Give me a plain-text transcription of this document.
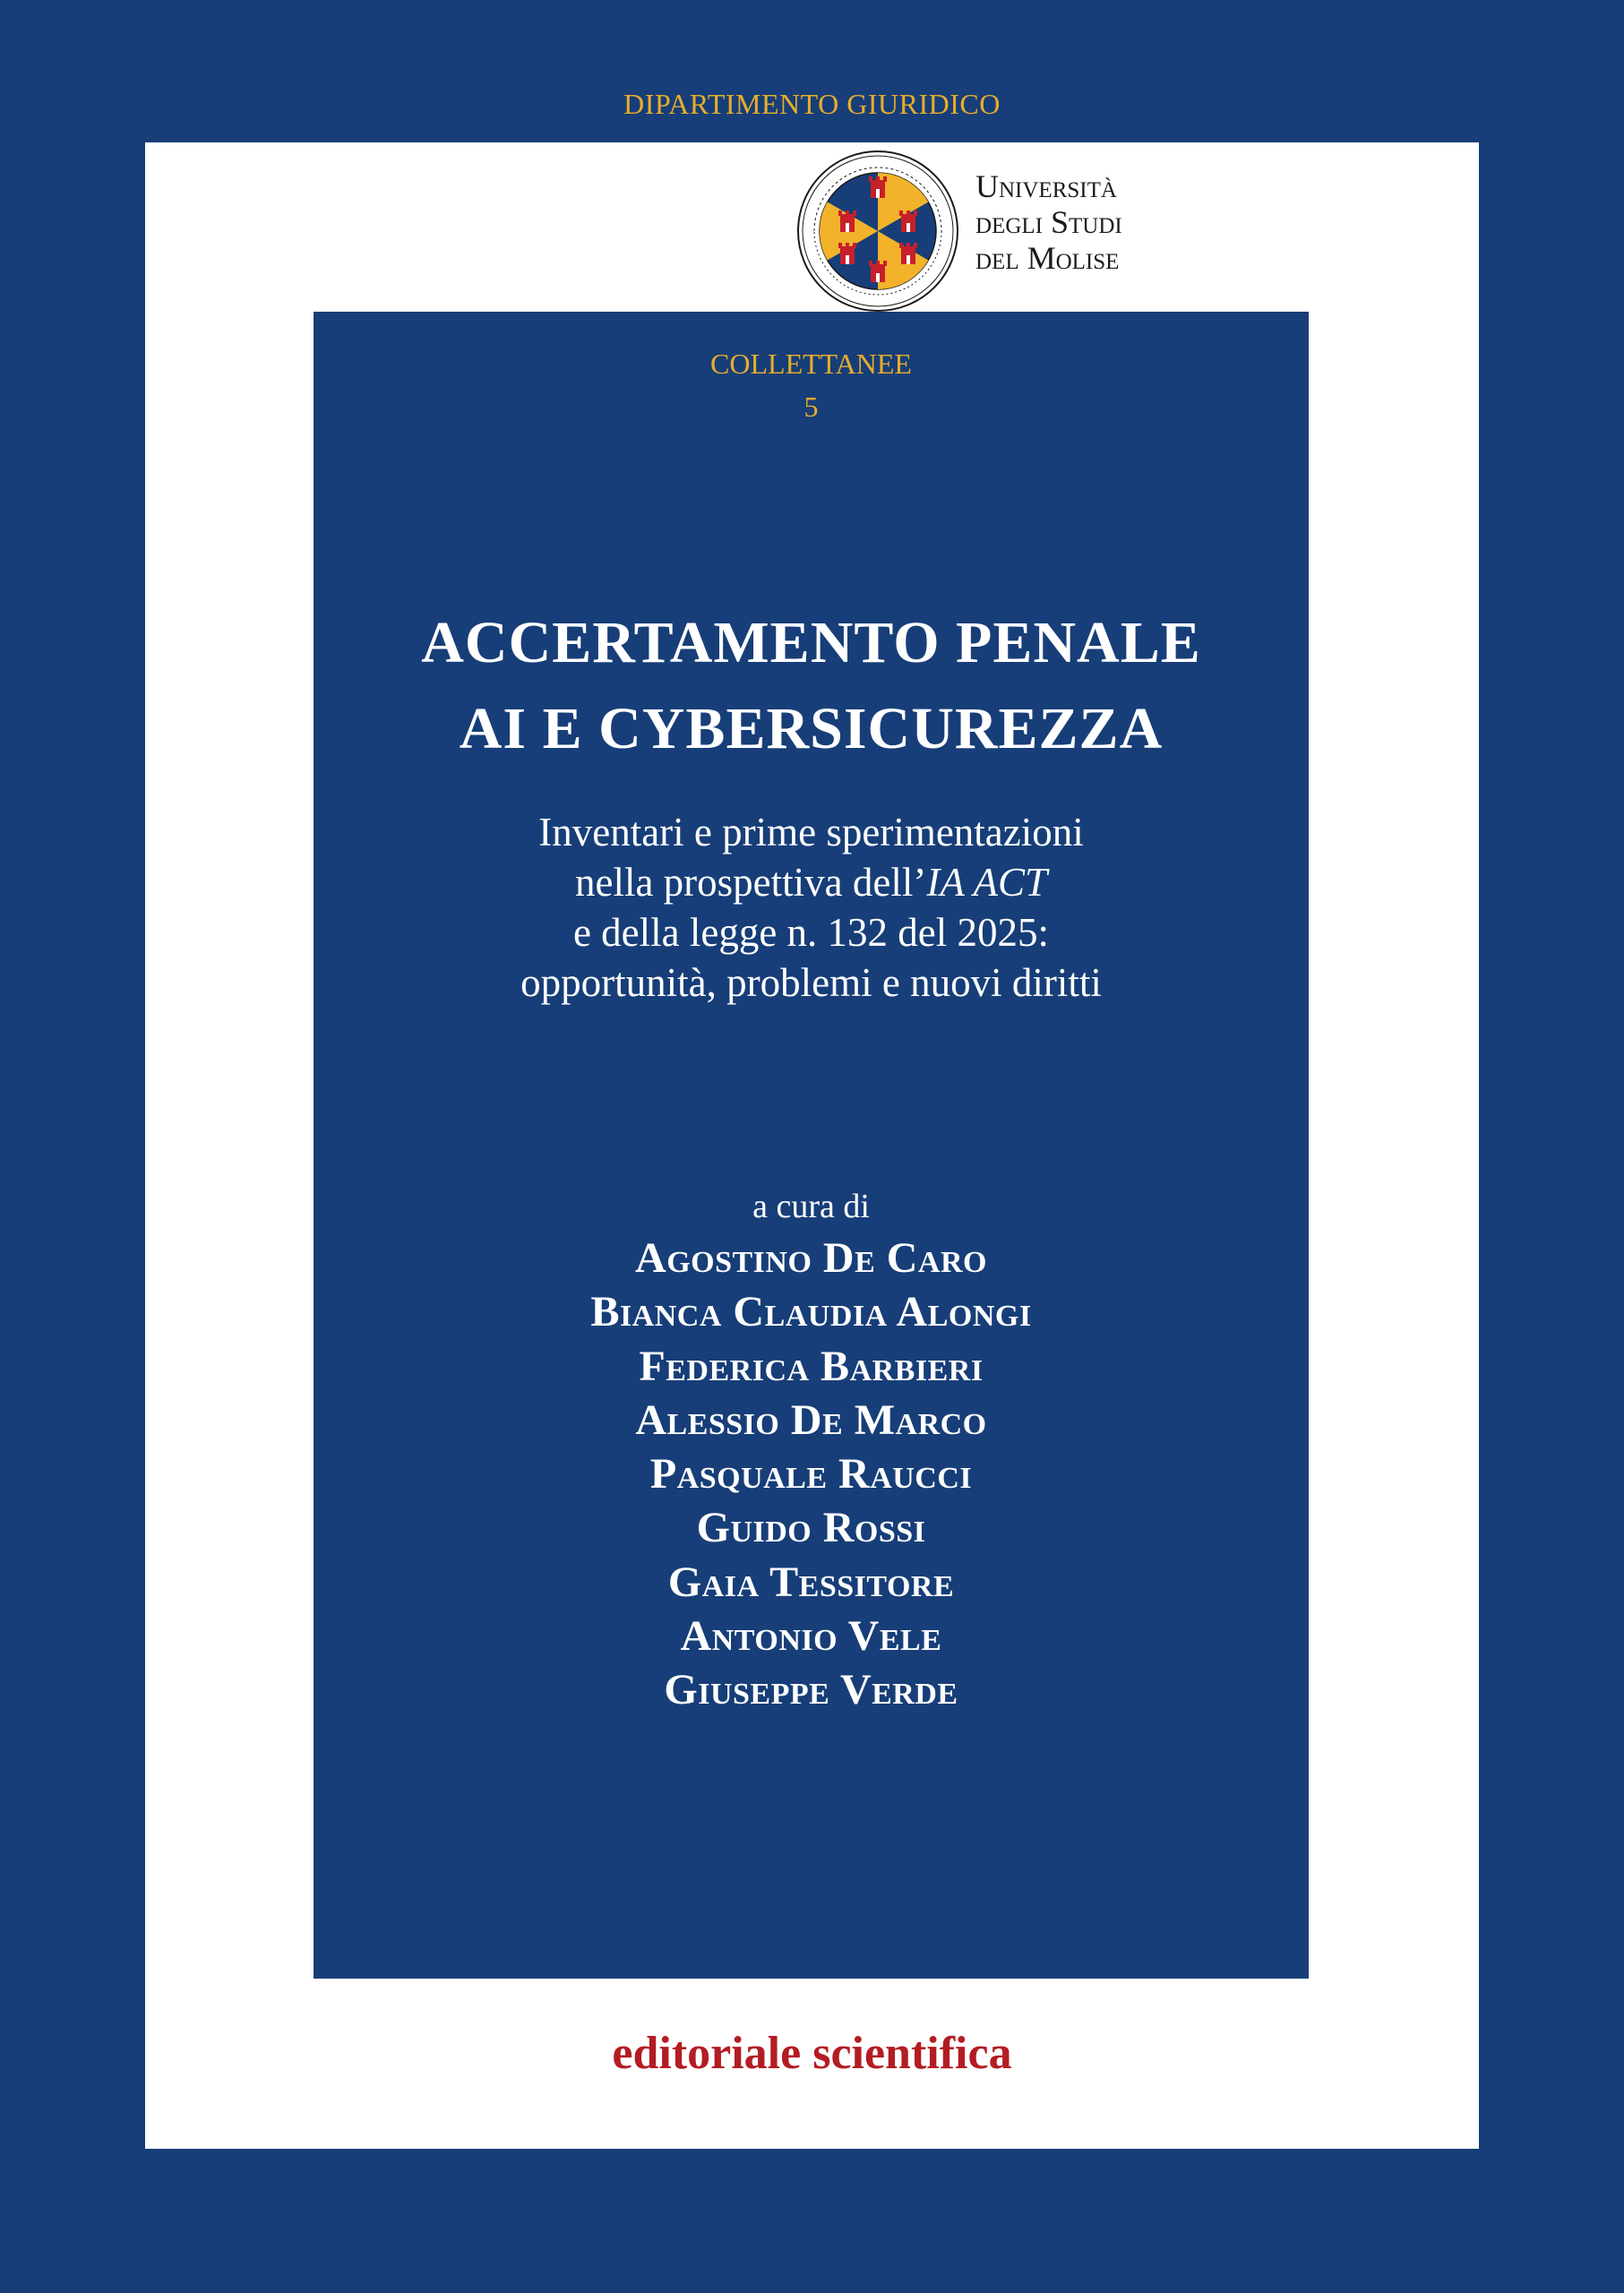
DIPARTIMENTO GIURIDICO
Università
degli Studi
del Molise
COLLETTANEE
5
ACCERTAMENTO PENALE
AI E CYBERSICUREZZA
Inventari e prime sperimentazioni
nella prospettiva dell’IA ACT
e della legge n. 132 del 2025:
opportunità, problemi e nuovi diritti
a cura di
Agostino De Caro
Bianca Claudia Alongi
Federica Barbieri
Alessio De Marco
Pasquale Raucci
Guido Rossi
Gaia Tessitore
Antonio Vele
Giuseppe Verde
editoriale scientifica
